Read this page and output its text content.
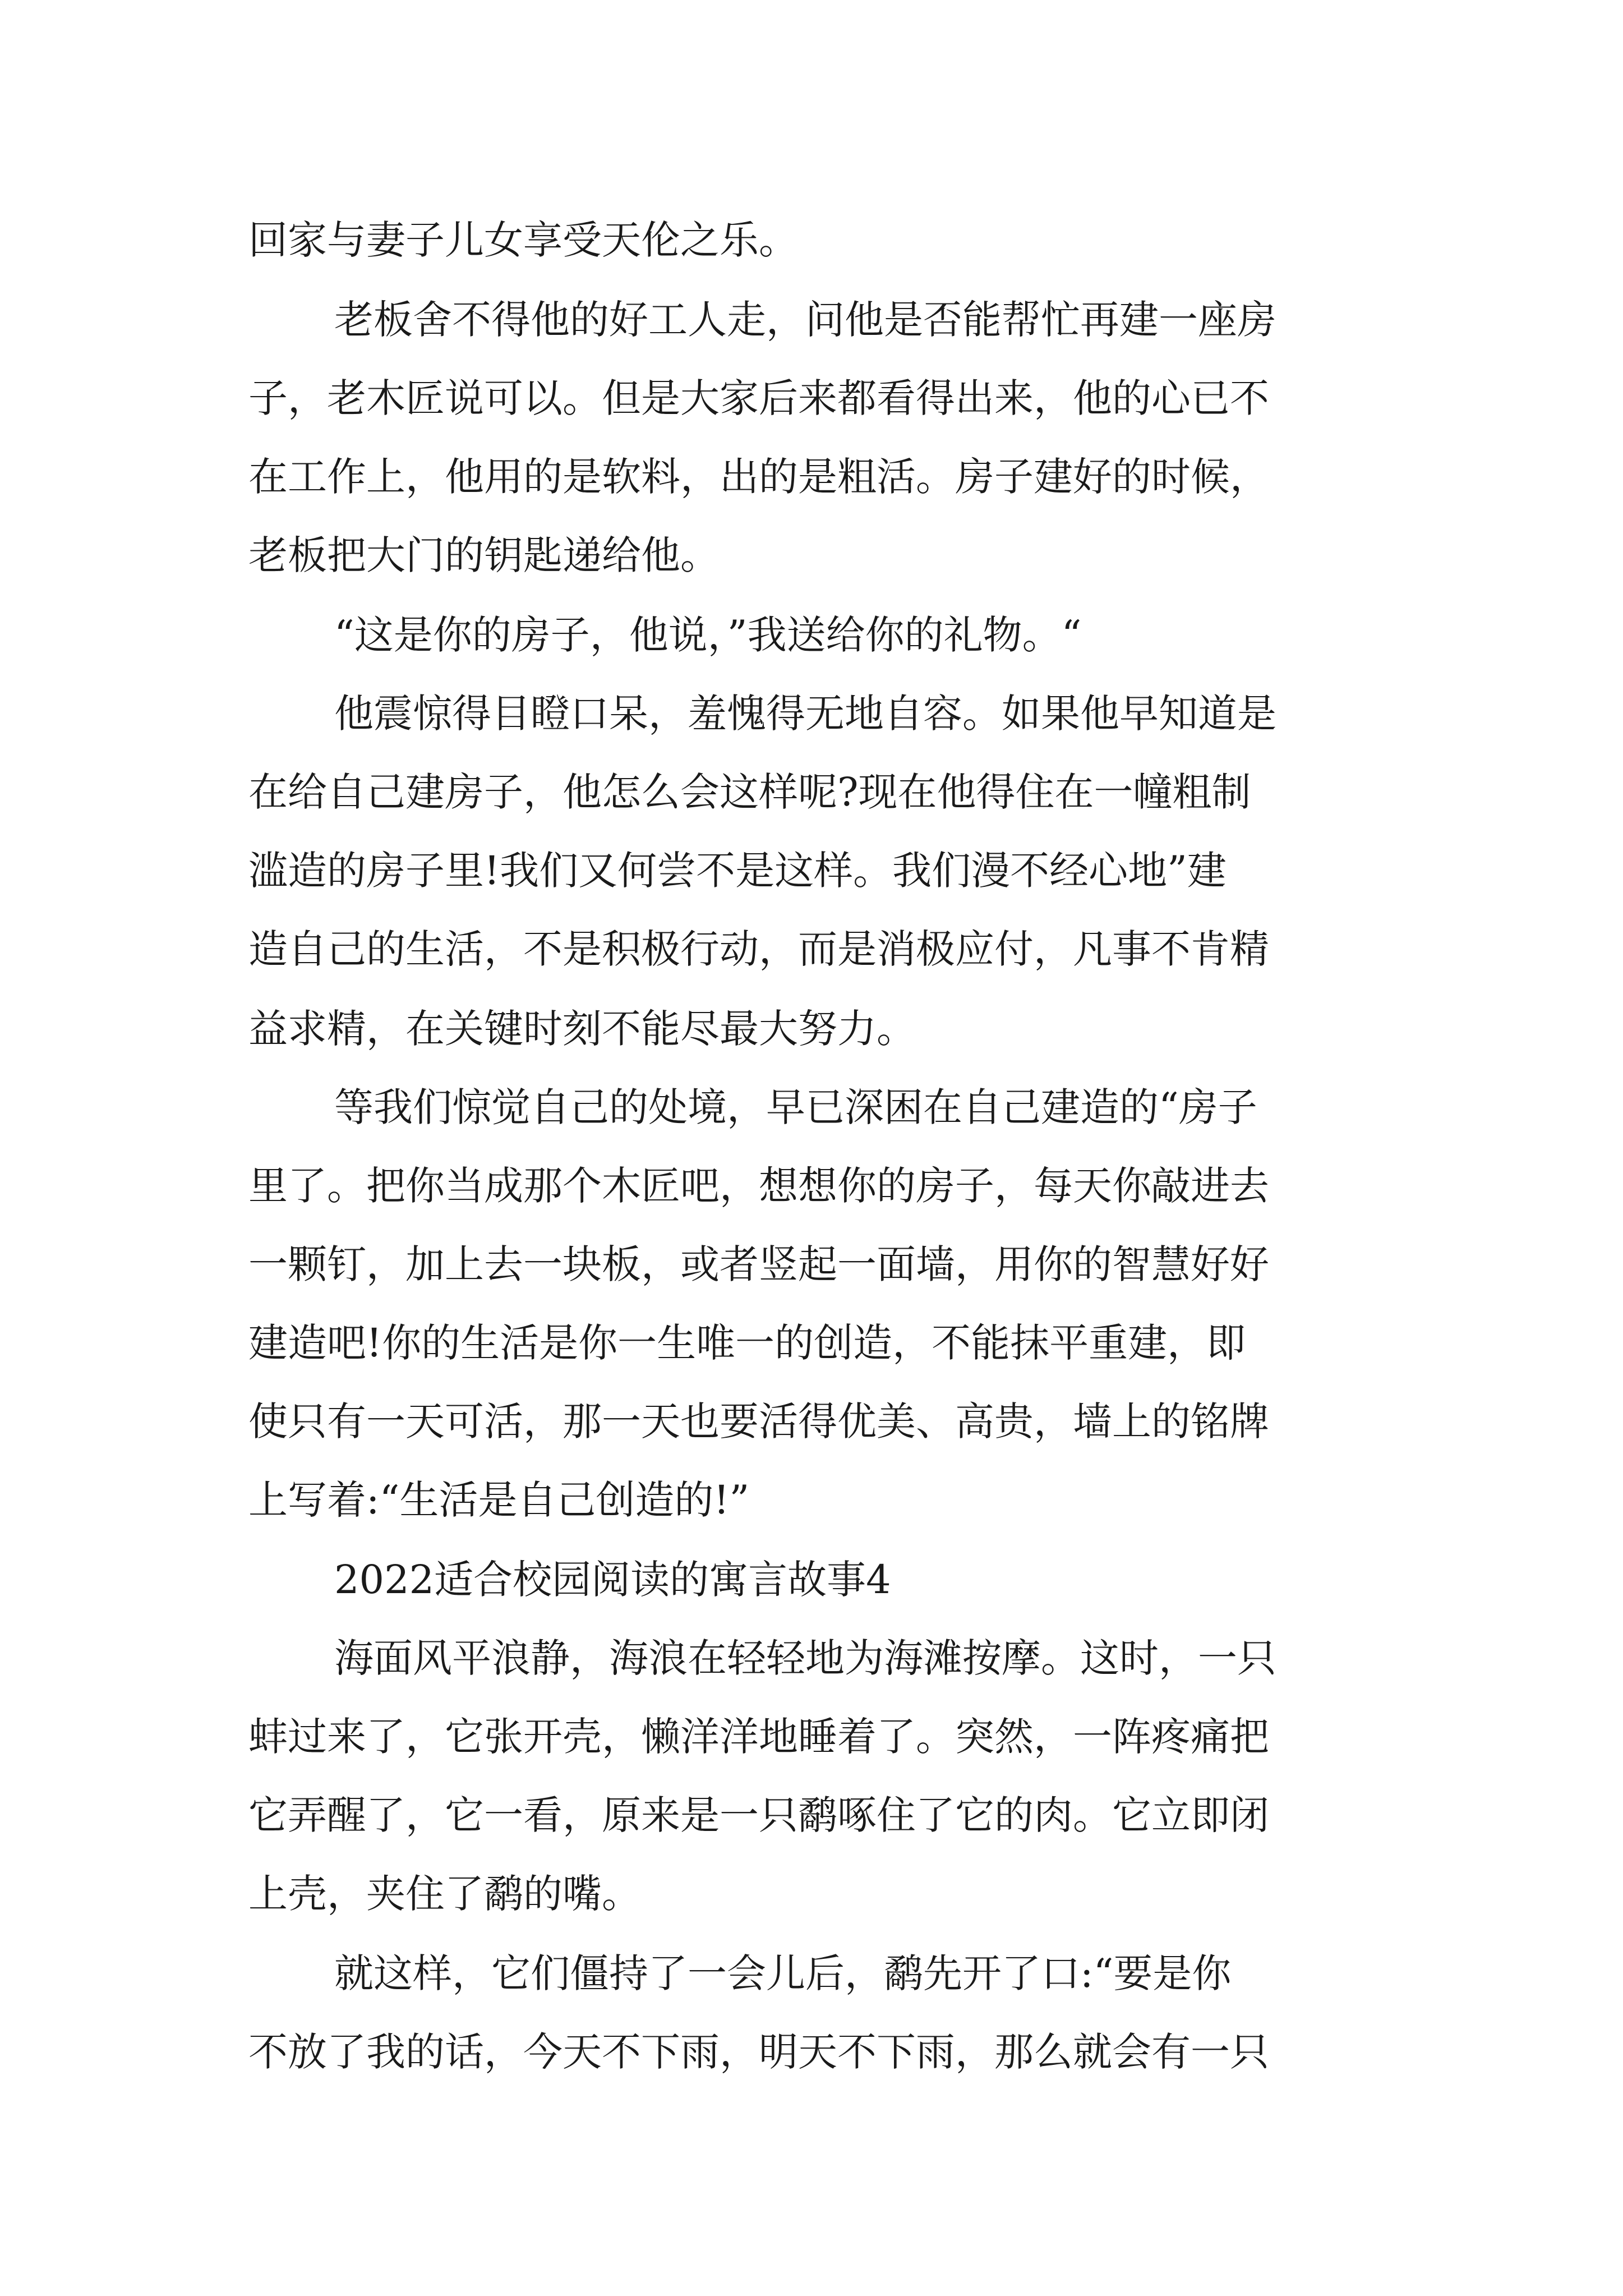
回家与妻子儿女享受天伦之乐。
老板舍不得他的好工人走，问他是否能帮忙再建一座房
子，老木匠说可以。但是大家后来都看得出来，他的心已不
在工作上，他用的是软料，出的是粗活。房子建好的时候，
老板把大门的钥匙递给他。
“这是你的房子，他说，”我送给你的礼物。“
他震惊得目瞪口呆，羞愧得无地自容。如果他早知道是
在给自己建房子，他怎么会这样呢?现在他得住在一幢粗制
滥造的房子里!我们又何尝不是这样。我们漫不经心地”建
造自己的生活，不是积极行动，而是消极应付，凡事不肯精
益求精，在关键时刻不能尽最大努力。
等我们惊觉自己的处境，早已深困在自己建造的“房子
里了。把你当成那个木匠吧，想想你的房子，每天你敲进去
一颗钉，加上去一块板，或者竖起一面墙，用你的智慧好好
建造吧!你的生活是你一生唯一的创造，不能抹平重建，即
使只有一天可活，那一天也要活得优美、高贵，墙上的铭牌
上写着:“生活是自己创造的!”
2022适合校园阅读的寓言故事4
海面风平浪静，海浪在轻轻地为海滩按摩。这时，一只
蚌过来了，它张开壳，懒洋洋地睡着了。突然，一阵疼痛把
它弄醒了，它一看，原来是一只鹬啄住了它的肉。它立即闭
上壳，夹住了鹬的嘴。
就这样，它们僵持了一会儿后，鹬先开了口:“要是你
不放了我的话，今天不下雨，明天不下雨，那么就会有一只
